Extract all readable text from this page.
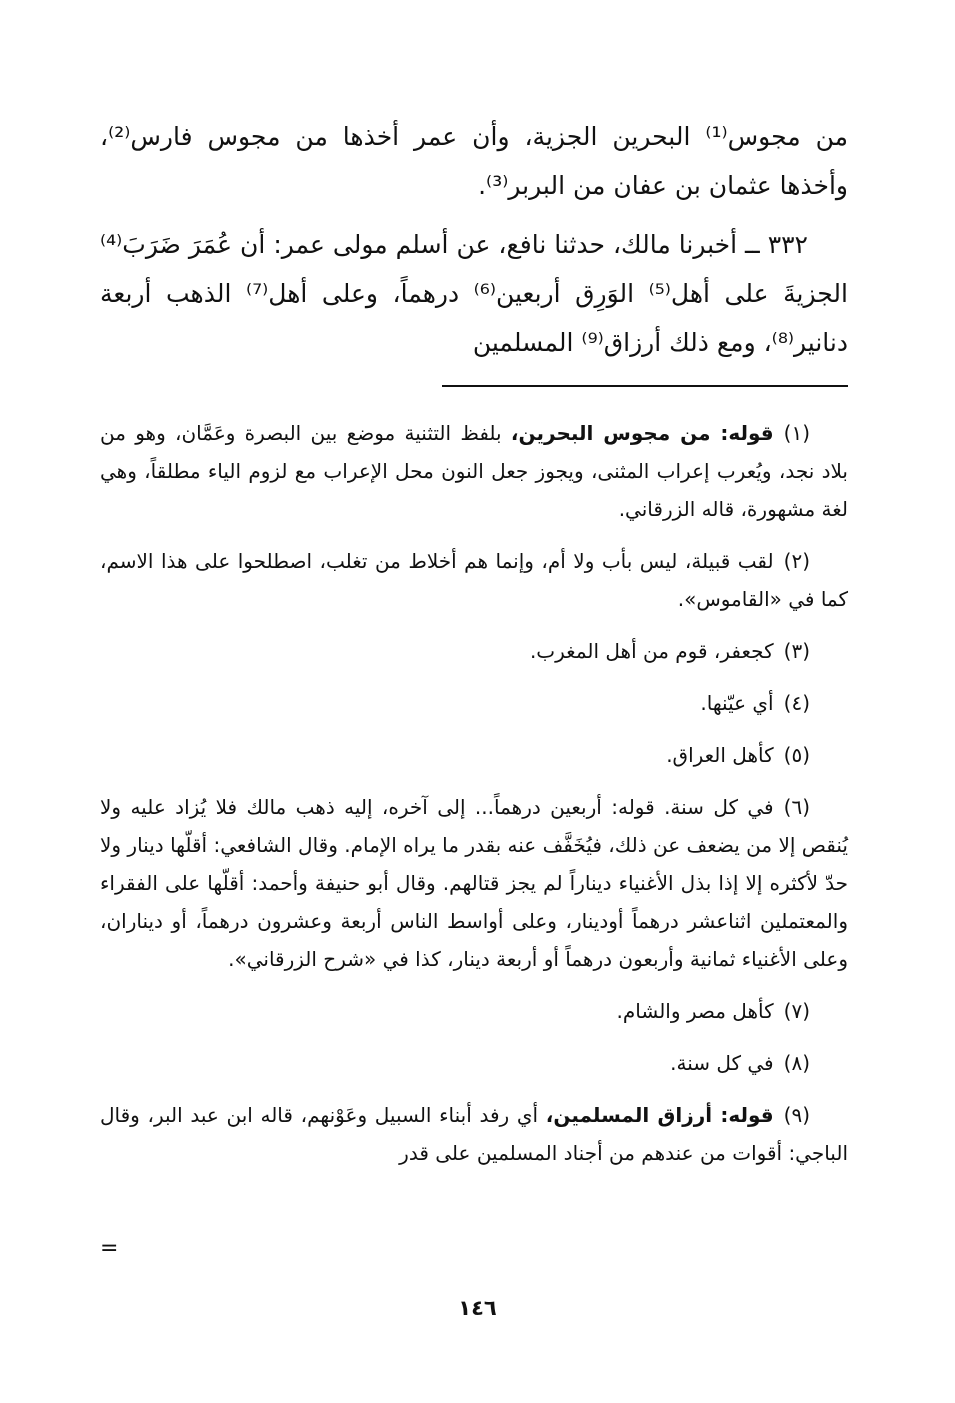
من مجوس⁽¹⁾ البحرين الجزية، وأن عمر أخذها من مجوس فارس⁽²⁾، وأخذها عثمان بن عفان من البربر⁽³⁾.

٣٣٢ ــ أخبرنا مالك، حدثنا نافع، عن أسلم مولى عمر: أن عُمَرَ ضَرَبَ⁽⁴⁾ الجزيةَ على أهل⁽⁵⁾ الوَرِق أربعين⁽⁶⁾ درهماً، وعلى أهل⁽⁷⁾ الذهب أربعة دنانير⁽⁸⁾، ومع ذلك أرزاق⁽⁹⁾ المسلمين

(١)قوله: من مجوس البحرين، بلفظ التثنية موضع بين البصرة وعَمَّان، وهو من بلاد نجد، ويُعرب إعراب المثنى، ويجوز جعل النون محل الإعراب مع لزوم الياء مطلقاً، وهي لغة مشهورة، قاله الزرقاني.

(٢)لقب قبيلة، ليس بأب ولا أم، وإنما هم أخلاط من تغلب، اصطلحوا على هذا الاسم، كما في «القاموس».

(٣)كجعفر، قوم من أهل المغرب.

(٤)أي عيّنها.

(٥)كأهل العراق.

(٦)في كل سنة. قوله: أربعين درهماً... إلى آخره، إليه ذهب مالك فلا يُزاد عليه ولا يُنقص إلا من يضعف عن ذلك، فيُخَفَّف عنه بقدر ما يراه الإمام. وقال الشافعي: أقلّها دينار ولا حدّ لأكثره إلا إذا بذل الأغنياء ديناراً لم يجز قتالهم. وقال أبو حنيفة وأحمد: أقلّها على الفقراء والمعتملين اثناعشر درهماً أودينار، وعلى أواسط الناس أربعة وعشرون درهماً، أو ديناران، وعلى الأغنياء ثمانية وأربعون درهماً أو أربعة دينار، كذا في «شرح الزرقاني».

(٧)كأهل مصر والشام.

(٨)في كل سنة.

(٩)قوله: أرزاق المسلمين، أي رفد أبناء السبيل وعَوْنهم، قاله ابن عبد البر، وقال الباجي: أقوات من عندهم من أجناد المسلمين على قدر

=
١٤٦
